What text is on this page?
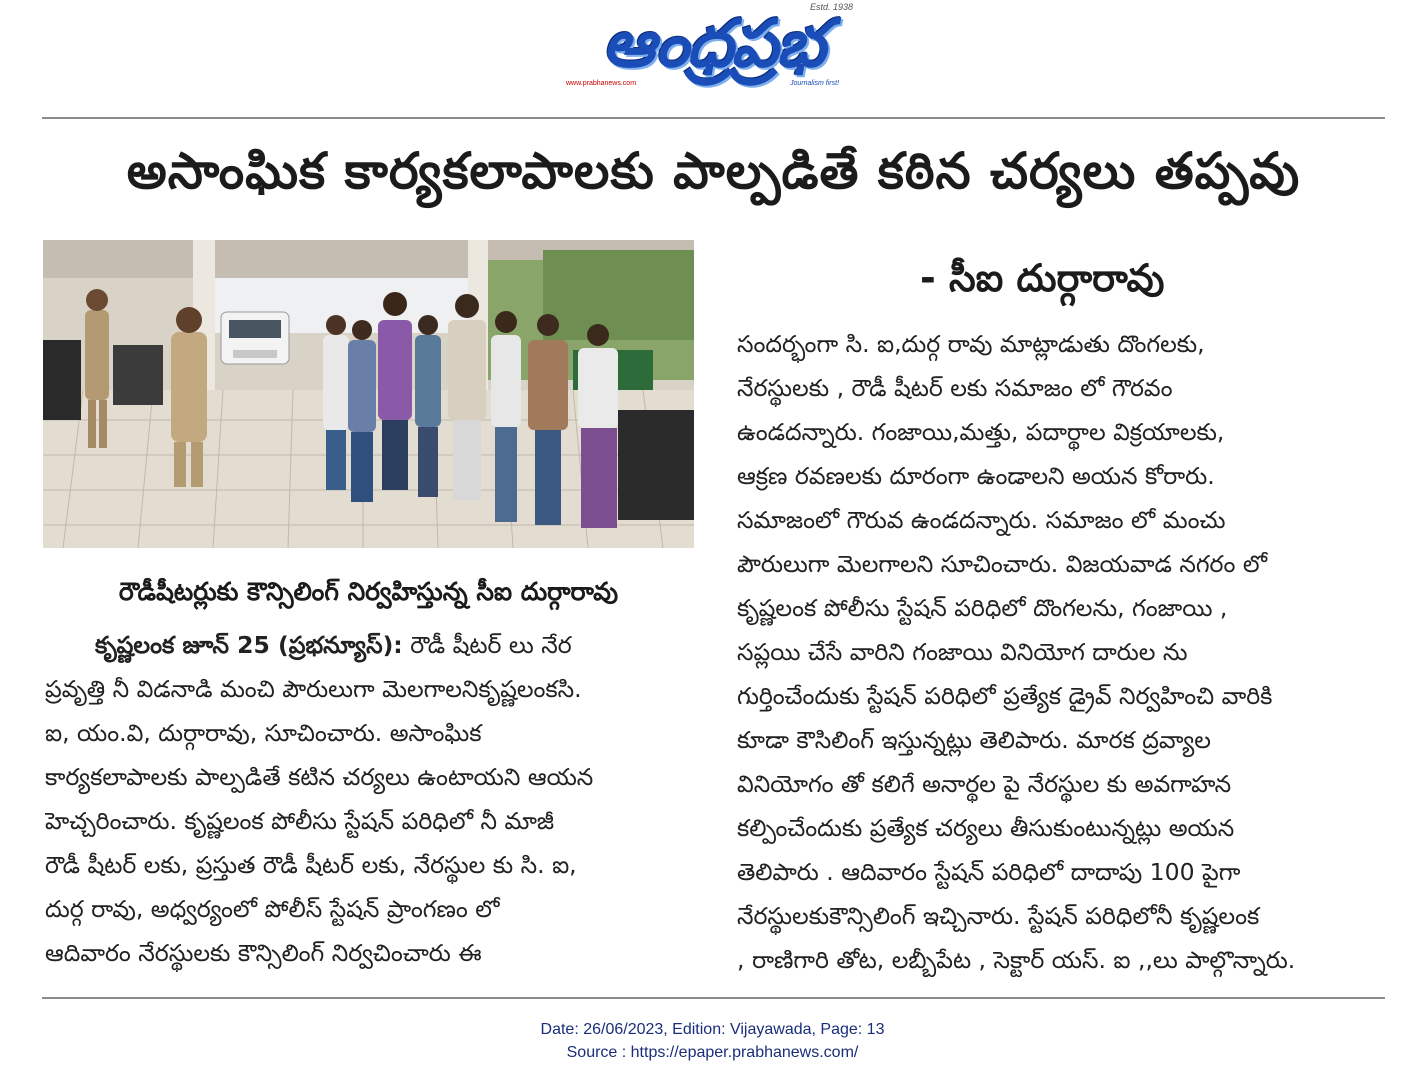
ఆంధ్రప్రభ
Estd. 1938
www.prabhanews.com	Journalism first!
అసాంఘిక కార్యకలాపాలకు పాల్పడితే కఠిన చర్యలు తప్పవు
- సీఐ దుర్గారావు
రౌడీషీటర్లుకు కౌన్సిలింగ్ నిర్వహిస్తున్న సీఐ దుర్గారావు
కృష్ణలంక జూన్ 25 (ప్రభన్యూస్): రౌడీ షీటర్ లు నేర
ప్రవృత్తి నీ విడనాడి మంచి పౌరులుగా మెలగాలనికృష్ణలంకసి.
ఐ, యం.వి, దుర్గారావు, సూచించారు. అసాంఘిక
కార్యకలాపాలకు పాల్పడితే కటిన చర్యలు ఉంటాయని ఆయన
హెచ్చరించారు. కృష్ణలంక పోలీసు స్టేషన్ పరిధిలో నీ మాజీ
రౌడీ షీటర్ లకు, ప్రస్తుత రౌడీ షీటర్ లకు, నేరస్థుల కు సి. ఐ,
దుర్గ రావు, అధ్వర్యంలో పోలీస్ స్టేషన్ ప్రాంగణం లో
ఆదివారం నేరస్థులకు కౌన్సిలింగ్ నిర్వచించారు ఈ
సందర్భంగా సి. ఐ,దుర్గ రావు మాట్లాడుతు దొంగలకు,
నేరస్థులకు , రౌడీ షీటర్ లకు సమాజం లో గౌరవం
ఉండదన్నారు. గంజాయి,మత్తు, పదార్థాల విక్రయాలకు,
ఆక్రణ రవణలకు దూరంగా ఉండాలని అయన కోరారు.
సమాజంలో గౌరువ ఉండదన్నారు. సమాజం లో మంచు
పౌరులుగా మెలగాలని సూచించారు. విజయవాడ నగరం లో
కృష్ణలంక పోలీసు స్టేషన్ పరిధిలో దొంగలను, గంజాయి ,
సప్లయి చేసే వారిని గంజాయి వినియోగ దారుల ను
గుర్తించేందుకు స్టేషన్ పరిధిలో ప్రత్యేక డ్రైవ్ నిర్వహించి వారికి
కూడా కౌసిలింగ్ ఇస్తున్నట్లు తెలిపారు. మారక ద్రవ్యాల
వినియోగం తో కలిగే అనార్థల పై నేరస్థుల కు అవగాహన
కల్పించేందుకు ప్రత్యేక చర్యలు తీసుకుంటున్నట్లు అయన
తెలిపారు . ఆదివారం స్టేషన్ పరిధిలో దాదాపు 100 పైగా
నేరస్థులకుకౌన్సిలింగ్ ఇచ్చినారు. స్టేషన్ పరిధిలోనీ కృష్ణలంక
, రాణిగారి తోట, లబ్బీపేట , సెక్టార్ యస్. ఐ ,,లు పాల్గొన్నారు.
Date: 26/06/2023, Edition: Vijayawada, Page: 13
Source : https://epaper.prabhanews.com/
